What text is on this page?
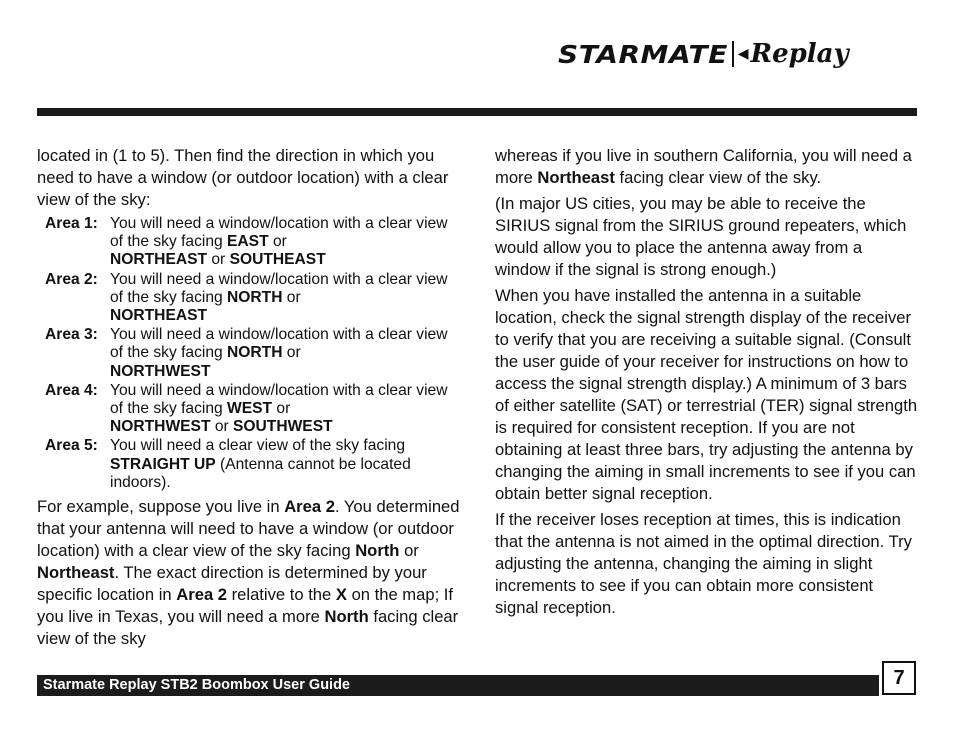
STARMATE ◀ Replay

located in (1 to 5). Then find the direction in which you need to have a window (or outdoor location) with a clear view of the sky:

Area 1: You will need a window/location with a clear view of the sky facing EAST or
NORTHEAST or SOUTHEAST
Area 2: You will need a window/location with a clear view of the sky facing NORTH or
NORTHEAST
Area 3: You will need a window/location with a clear view of the sky facing NORTH or
NORTHWEST
Area 4: You will need a window/location with a clear view of the sky facing WEST or
NORTHWEST or SOUTHWEST
Area 5: You will need a clear view of the sky facing
STRAIGHT UP (Antenna cannot be located indoors).

For example, suppose you live in Area 2. You determined that your antenna will need to have a window (or outdoor location) with a clear view of the sky facing North or Northeast. The exact direction is determined by your specific location in Area 2 relative to the X on the map; If you live in Texas, you will need a more North facing clear view of the sky

whereas if you live in southern California, you will need a more Northeast facing clear view of the sky.

(In major US cities, you may be able to receive the SIRIUS signal from the SIRIUS ground repeaters, which would allow you to place the antenna away from a window if the signal is strong enough.)

When you have installed the antenna in a suitable location, check the signal strength display of the receiver to verify that you are receiving a suitable signal. (Consult the user guide of your receiver for instructions on how to access the signal strength display.) A minimum of 3 bars of either satellite (SAT) or terrestrial (TER) signal strength is required for consistent reception. If you are not obtaining at least three bars, try adjusting the antenna by changing the aiming in small increments to see if you can obtain better signal reception.

If the receiver loses reception at times, this is indication that the antenna is not aimed in the optimal direction. Try adjusting the antenna, changing the aiming in slight increments to see if you can obtain more consistent signal reception.

Starmate Replay STB2 Boombox User Guide	7
